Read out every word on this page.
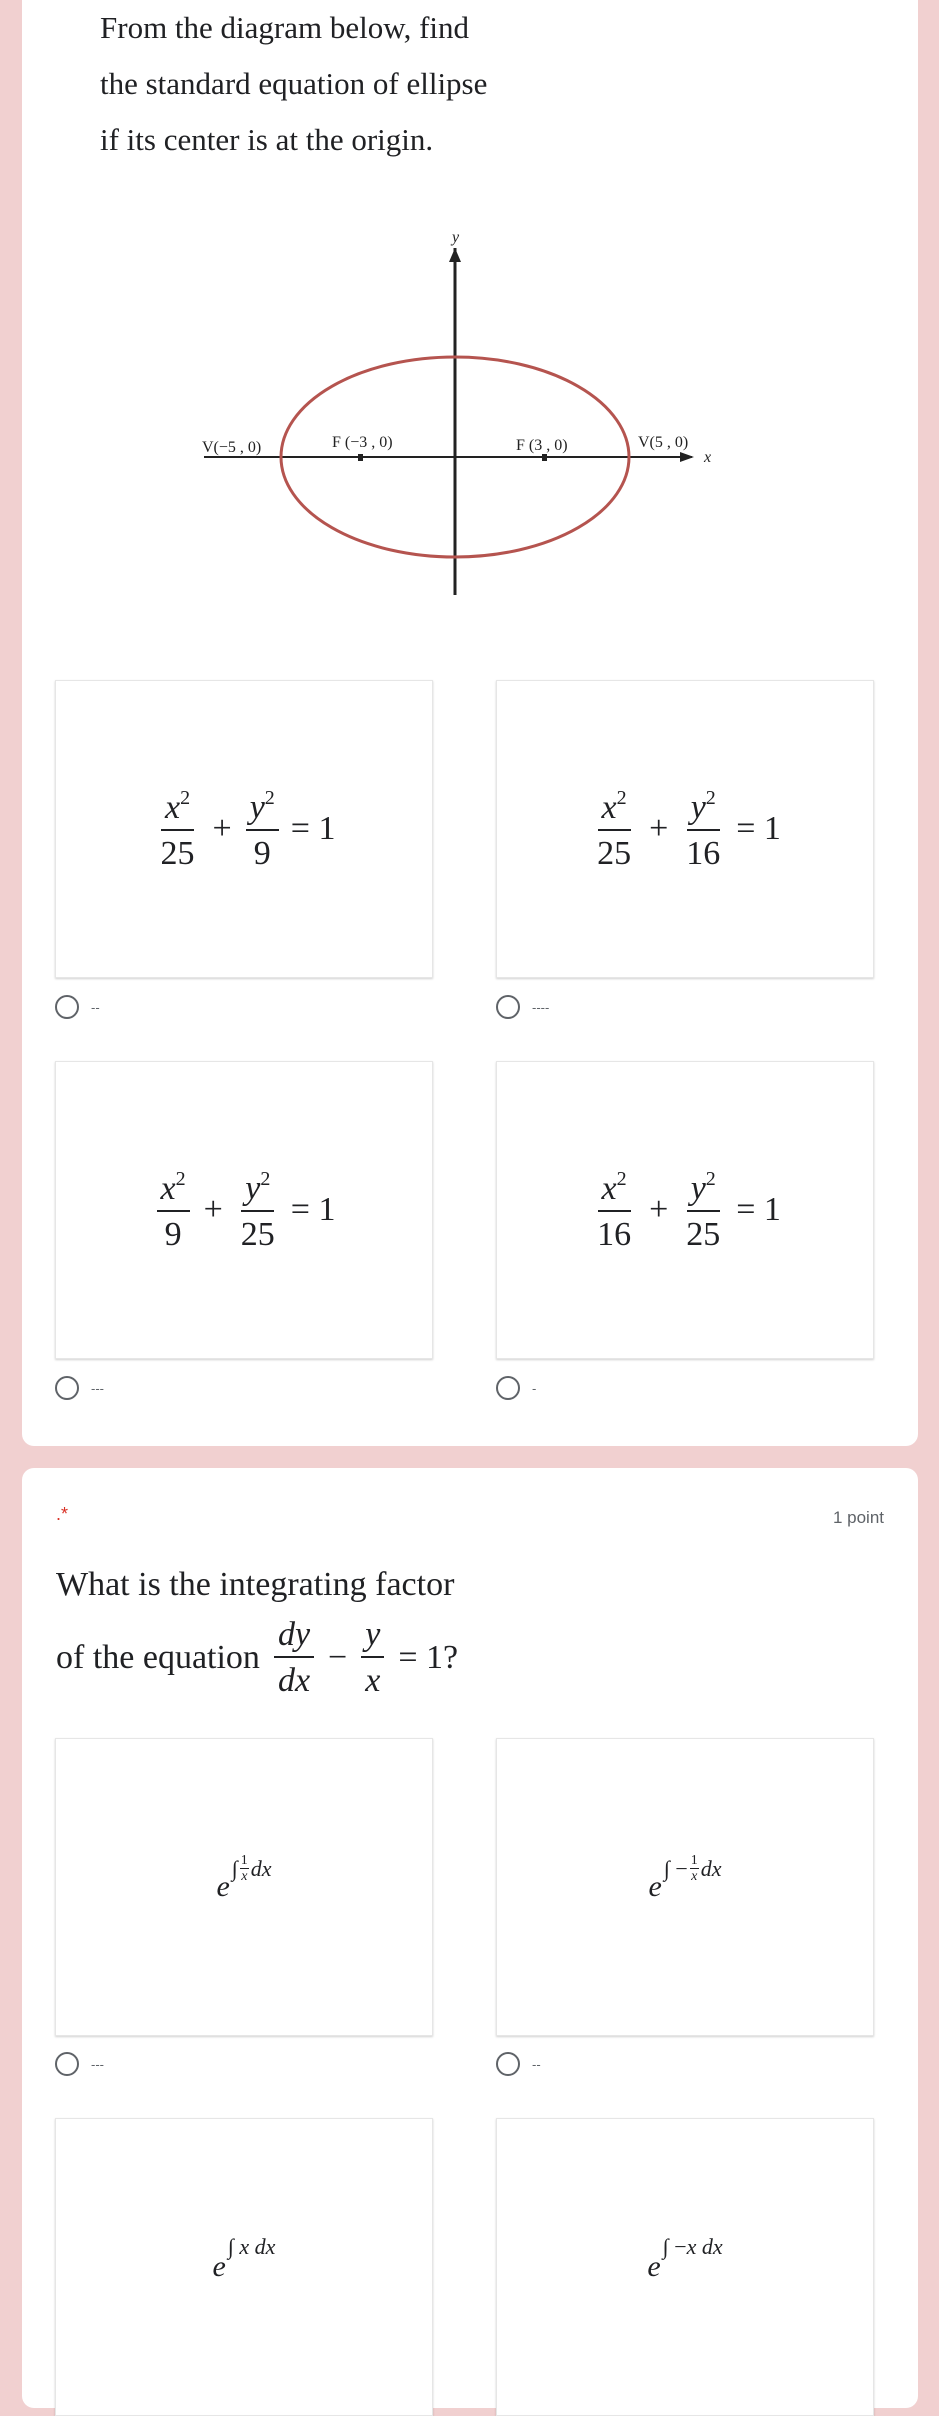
From the diagram below, find
the standard equation of ellipse
if its center is at the origin.
y
x
V(−5 , 0)	F (−3 , 0)	F (3 , 0)	V(5 , 0)
$\frac{x^2}{25} + \frac{y^2}{9} = 1$	$\frac{x^2}{25} + \frac{y^2}{16} = 1$
--	----
$\frac{x^2}{9} + \frac{y^2}{25} = 1$	$\frac{x^2}{16} + \frac{y^2}{25} = 1$
---	-
.*	1 point
What is the integrating factor
of the equation $\frac{dy}{dx} - \frac{y}{x} = 1$?
e
∫ 1
x dx
e
∫ − $\frac{1}{x}$ dx
---	--
e
∫ x dx
e
∫ − x dx
